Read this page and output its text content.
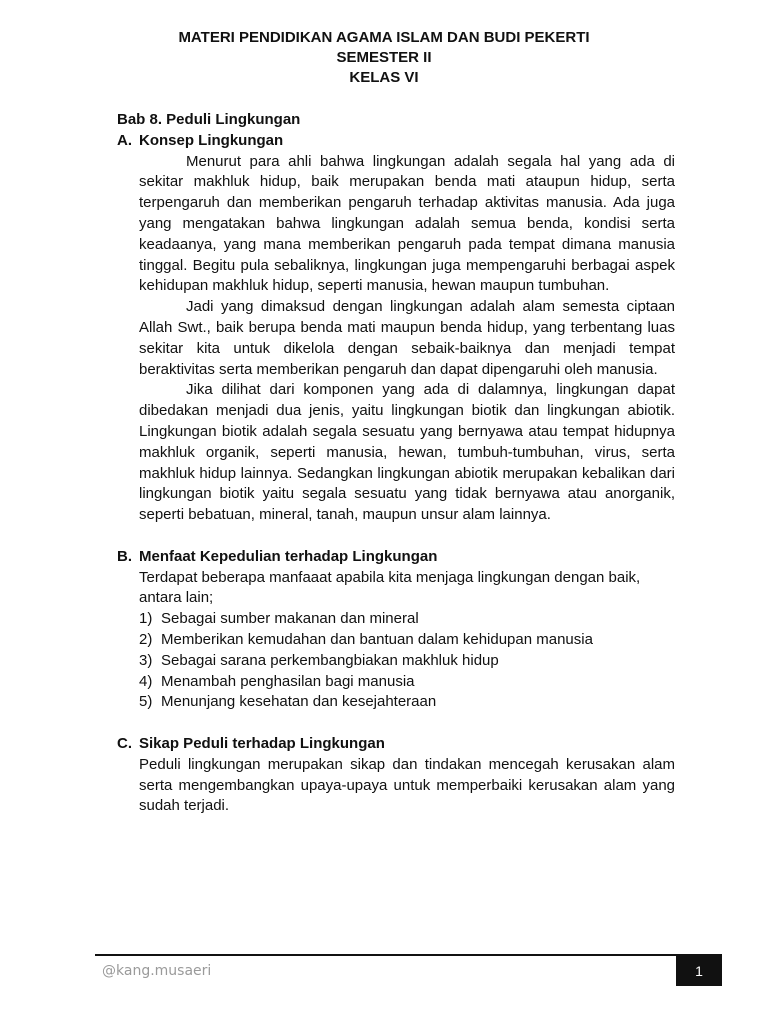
MATERI PENDIDIKAN AGAMA ISLAM DAN BUDI PEKERTI
SEMESTER II
KELAS VI
Bab 8. Peduli Lingkungan
A. Konsep Lingkungan

Menurut para ahli bahwa lingkungan adalah segala hal yang ada di sekitar makhluk hidup, baik merupakan benda mati ataupun hidup, serta terpengaruh dan memberikan pengaruh terhadap aktivitas manusia. Ada juga yang mengatakan bahwa lingkungan adalah semua benda, kondisi serta keadaanya, yang mana memberikan pengaruh pada tempat dimana manusia tinggal. Begitu pula sebaliknya, lingkungan juga mempengaruhi berbagai aspek kehidupan makhluk hidup, seperti manusia, hewan maupun tumbuhan.

Jadi yang dimaksud dengan lingkungan adalah alam semesta ciptaan Allah Swt., baik berupa benda mati maupun benda hidup, yang terbentang luas sekitar kita untuk dikelola dengan sebaik-baiknya dan menjadi tempat beraktivitas serta memberikan pengaruh dan dapat dipengaruhi oleh manusia.

Jika dilihat dari komponen yang ada di dalamnya, lingkungan dapat dibedakan menjadi dua jenis, yaitu lingkungan biotik dan lingkungan abiotik. Lingkungan biotik adalah segala sesuatu yang bernyawa atau tempat hidupnya makhluk organik, seperti manusia, hewan, tumbuh-tumbuhan, virus, serta makhluk hidup lainnya. Sedangkan lingkungan abiotik merupakan kebalikan dari lingkungan biotik yaitu segala sesuatu yang tidak bernyawa atau anorganik, seperti bebatuan, mineral, tanah, maupun unsur alam lainnya.

B. Menfaat Kepedulian terhadap Lingkungan

Terdapat beberapa manfaaat apabila kita menjaga lingkungan dengan baik, antara lain;

1) Sebagai sumber makanan dan mineral
2) Memberikan kemudahan dan bantuan dalam kehidupan manusia
3) Sebagai sarana perkembangbiakan makhluk hidup
4) Menambah penghasilan bagi manusia
5) Menunjang kesehatan dan kesejahteraan
C. Sikap Peduli terhadap Lingkungan

Peduli lingkungan merupakan sikap dan tindakan mencegah kerusakan alam serta mengembangkan upaya-upaya untuk memperbaiki kerusakan alam yang sudah terjadi.

@kang.musaeri	1
